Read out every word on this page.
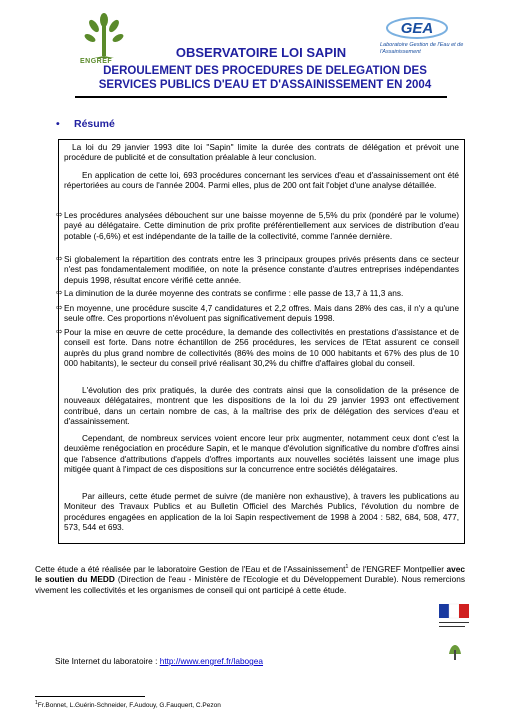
ENGREF
GEA
Laboratoire Gestion de l'Eau et de l'Assainissement
OBSERVATOIRE LOI SAPIN
DEROULEMENT DES PROCEDURES DE DELEGATION DES
SERVICES PUBLICS D'EAU ET D'ASSAINISSEMENT EN 2004
• Résumé
La loi du 29 janvier 1993 dite loi "Sapin" limite la durée des contrats de délégation et prévoit une procédure de publicité et de consultation préalable à leur conclusion.
En application de cette loi, 693 procédures concernant les services d'eau et d'assainissement ont été répertoriées au cours de l'année 2004. Parmi elles, plus de 200 ont fait l'objet d'une analyse détaillée.
⇨ Les procédures analysées débouchent sur une baisse moyenne de 5,5% du prix (pondéré par le volume) payé au délégataire. Cette diminution de prix profite préférentiellement aux services de distribution d'eau potable (-6,6%) et est indépendante de la taille de la collectivité, comme l'année dernière.
⇨ Si globalement la répartition des contrats entre les 3 principaux groupes privés présents dans ce secteur n'est pas fondamentalement modifiée, on note la présence constante d'autres entreprises indépendantes depuis 1998, résultat encore vérifié cette année.
⇨ La diminution de la durée moyenne des contrats se confirme : elle passe de 13,7 à 11,3 ans.
⇨ En moyenne, une procédure suscite 4,7 candidatures et 2,2 offres. Mais dans 28% des cas, il n'y a qu'une seule offre. Ces proportions n'évoluent pas significativement depuis 1998.
⇨ Pour la mise en œuvre de cette procédure, la demande des collectivités en prestations d'assistance et de conseil est forte. Dans notre échantillon de 256 procédures, les services de l'Etat assurent ce conseil auprès du plus grand nombre de collectivités (86% des moins de 10 000 habitants et 67% des plus de 10 000 habitants), le secteur du conseil privé réalisant 30,2% du chiffre d'affaires global du conseil.
L'évolution des prix pratiqués, la durée des contrats ainsi que la consolidation de la présence de nouveaux délégataires, montrent que les dispositions de la loi du 29 janvier 1993 ont effectivement contribué, dans un certain nombre de cas, à la maîtrise des prix de délégation des services d'eau et d'assainissement.
Cependant, de nombreux services voient encore leur prix augmenter, notamment ceux dont c'est la deuxième renégociation en procédure Sapin, et le manque d'évolution significative du nombre d'offres ainsi que l'absence d'attributions d'appels d'offres importants aux nouvelles sociétés laissent une image plus mitigée quant à l'impact de ces dispositions sur la concurrence entre sociétés délégataires.
Par ailleurs, cette étude permet de suivre (de manière non exhaustive), à travers les publications au Moniteur des Travaux Publics et au Bulletin Officiel des Marchés Publics, l'évolution du nombre de procédures engagées en application de la loi Sapin respectivement de 1998 à 2004 : 582, 684, 508, 477, 573, 544 et 693.
Cette étude a été réalisée par le laboratoire Gestion de l'Eau et de l'Assainissement$^1$ de l'ENGREF Montpellier avec le soutien du MEDD (Direction de l'eau - Ministère de l'Ecologie et du Développement Durable). Nous remercions vivement les collectivités et les organismes de conseil qui ont participé à cette étude.
Site Internet du laboratoire : http://www.engref.fr/labogea
$^1$Fr.Bonnet, L.Guérin-Schneider, F.Audouy, G.Fauquert, C.Pezon
